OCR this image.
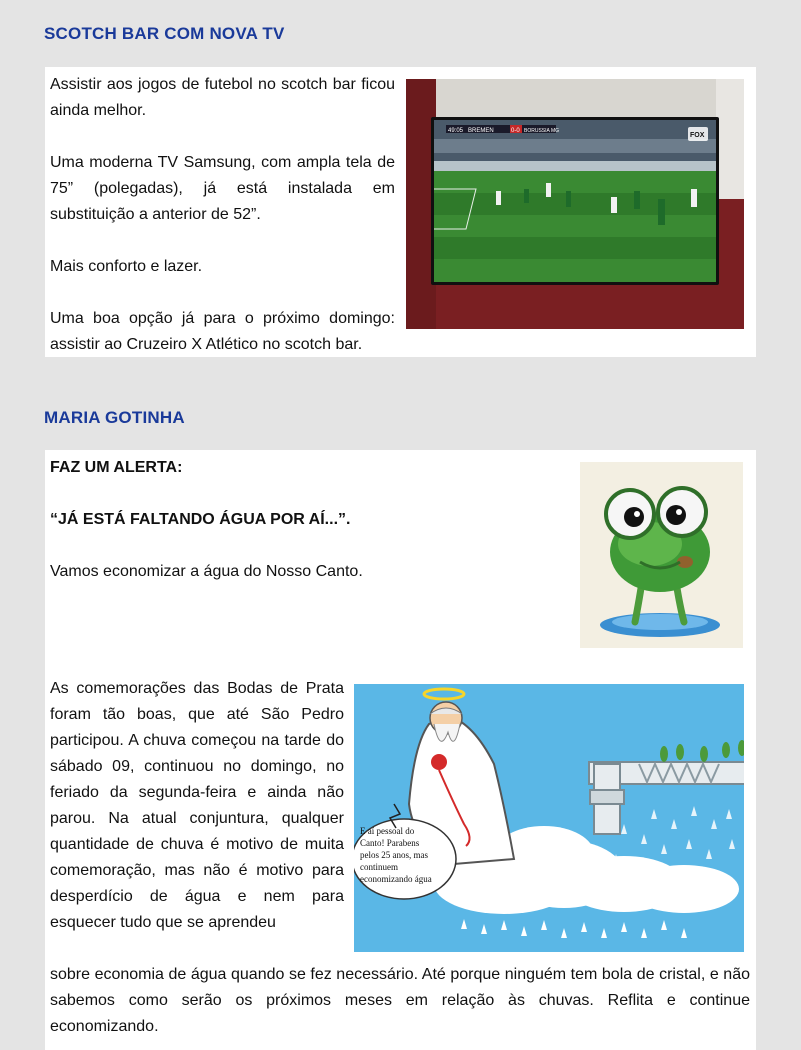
SCOTCH BAR COM NOVA TV

Assistir aos jogos de futebol no scotch bar ficou ainda melhor.

Uma moderna TV Samsung, com ampla tela de 75” (polegadas), já está instalada em substituição a anterior de 52”.

Mais conforto e lazer.

Uma boa opção já para o próximo domingo: assistir ao Cruzeiro X Atlético no scotch bar.

49:05 BREMEN	0-0 BORUSSIA MG
FOX
MARIA GOTINHA

FAZ UM ALERTA:

“JÁ ESTÁ FALTANDO ÁGUA POR AÍ...”.

Vamos economizar a água do Nosso Canto.

As comemorações das Bodas de Prata foram tão boas, que até São Pedro participou. A chuva começou na tarde do sábado 09, continuou no domingo, no feriado da segunda-feira e ainda não parou. Na atual conjuntura, qualquer quantidade de chuva é motivo de muita comemoração, mas não é motivo para desperdício de água e nem para esquecer tudo que se aprendeu

E aí pessoal do Canto! Parabens pelos 25 anos, mas continuem economizando água

sobre economia de água quando se fez necessário. Até porque ninguém tem bola de cristal, e não sabemos como serão os próximos meses em relação às chuvas. Reflita e continue economizando.
